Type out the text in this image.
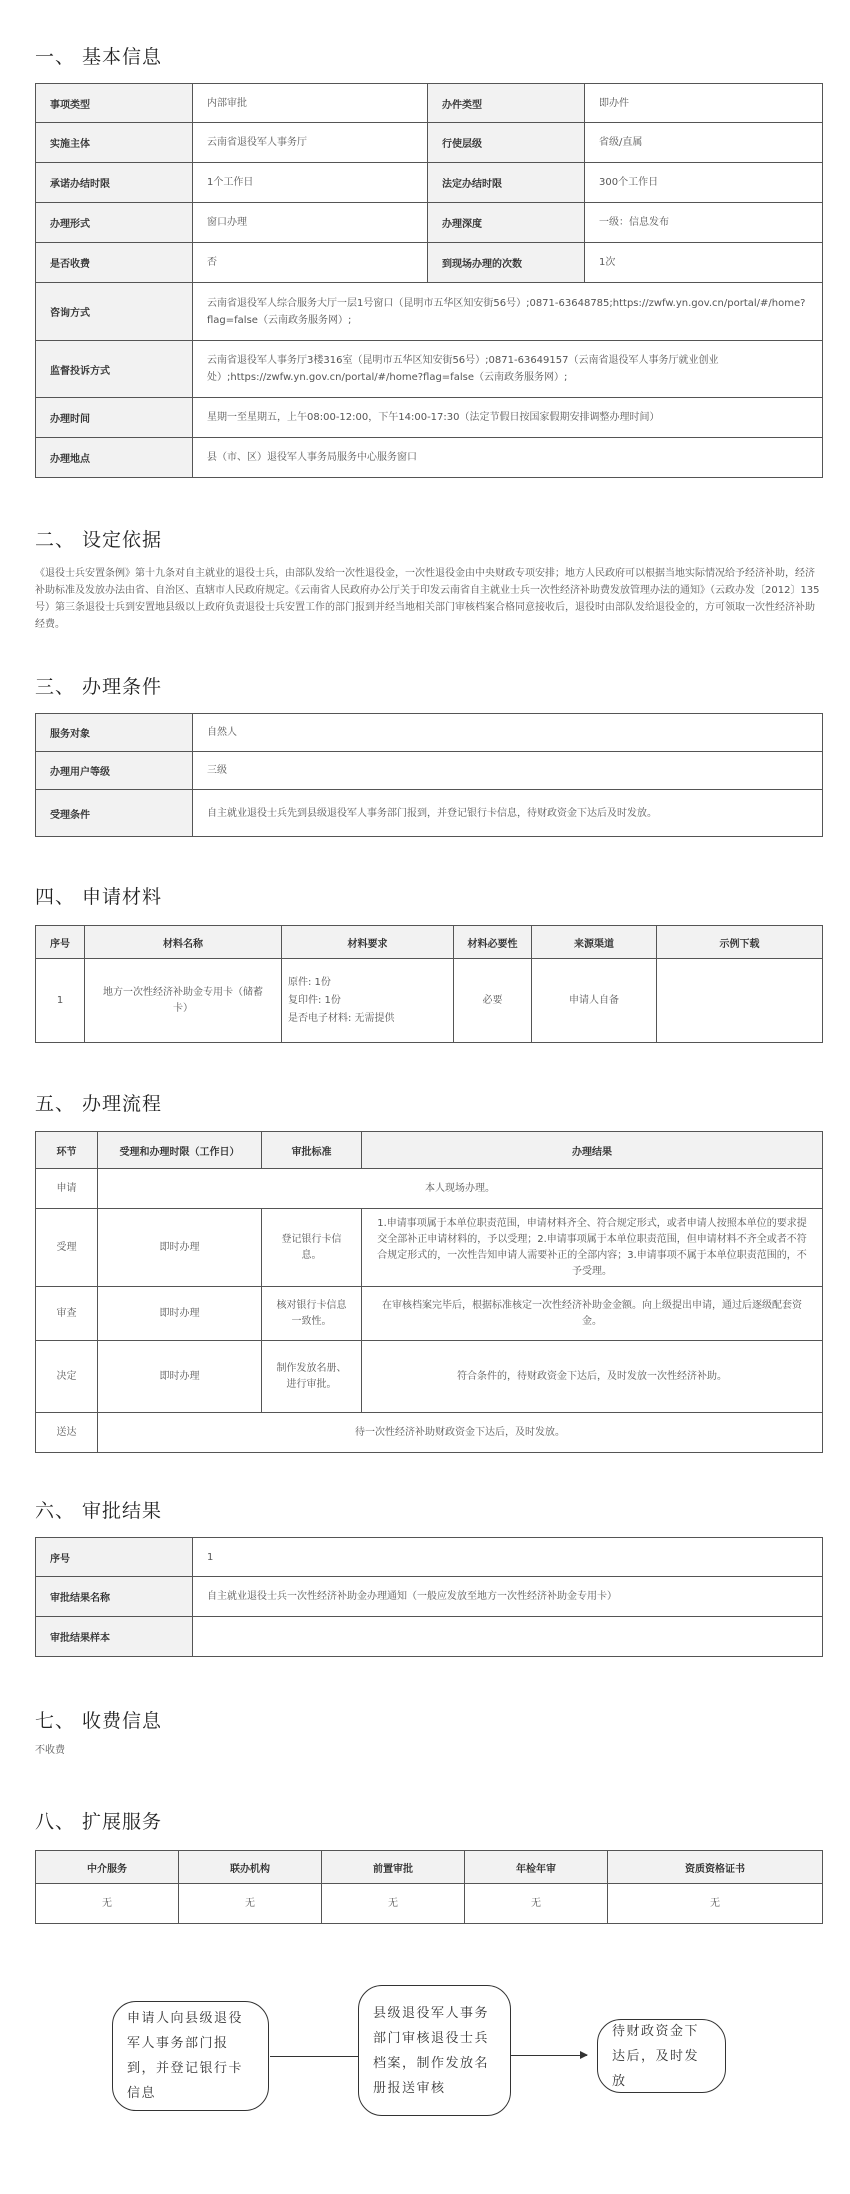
一、 基本信息
事项类型	内部审批	办件类型	即办件
实施主体	云南省退役军人事务厅	行使层级	省级/直属
承诺办结时限	1个工作日	法定办结时限	300个工作日
办理形式	窗口办理	办理深度	一级：信息发布
是否收费	否	到现场办理的次数	1次
咨询方式	云南省退役军人综合服务大厅一层1号窗口（昆明市五华区知安街56号）;0871-63648785;https://zwfw.yn.gov.cn/portal/#/home?flag=false（云南政务服务网）;		
监督投诉方式	云南省退役军人事务厅3楼316室（昆明市五华区知安街56号）;0871-63649157（云南省退役军人事务厅就业创业处）;https://zwfw.yn.gov.cn/portal/#/home?flag=false（云南政务服务网）;		
办理时间	星期一至星期五，上午08:00-12:00，下午14:00-17:30（法定节假日按国家假期安排调整办理时间）		
办理地点	县（市、区）退役军人事务局服务中心服务窗口		
二、 设定依据

《退役士兵安置条例》第十九条对自主就业的退役士兵，由部队发给一次性退役金，一次性退役金由中央财政专项安排；地方人民政府可以根据当地实际情况给予经济补助，经济补助标准及发放办法由省、自治区、直辖市人民政府规定。《云南省人民政府办公厅关于印发云南省自主就业士兵一次性经济补助费发放管理办法的通知》（云政办发〔2012〕135号）第三条退役士兵到安置地县级以上政府负责退役士兵安置工作的部门报到并经当地相关部门审核档案合格同意接收后，退役时由部队发给退役金的，方可领取一次性经济补助经费。

三、 办理条件
服务对象	自然人
办理用户等级	三级
受理条件	自主就业退役士兵先到县级退役军人事务部门报到，并登记银行卡信息，待财政资金下达后及时发放。
四、 申请材料
序号	材料名称	材料要求	材料必要性	来源渠道	示例下载
1	地方一次性经济补助金专用卡（储蓄卡）	原件: 1份
复印件: 1份
是否电子材料: 无需提供	必要	申请人自备	
五、 办理流程
环节	受理和办理时限（工作日）	审批标准	办理结果
申请	本人现场办理。		
受理	即时办理	登记银行卡信息。	1.申请事项属于本单位职责范围，申请材料齐全、符合规定形式，或者申请人按照本单位的要求提交全部补正申请材料的，予以受理；2.申请事项属于本单位职责范围，但申请材料不齐全或者不符合规定形式的，一次性告知申请人需要补正的全部内容；3.申请事项不属于本单位职责范围的，不予受理。
审查	即时办理	核对银行卡信息一致性。	在审核档案完毕后，根据标准核定一次性经济补助金金额。向上级提出申请，通过后逐级配套资金。
决定	即时办理	制作发放名册、进行审批。	符合条件的，待财政资金下达后，及时发放一次性经济补助。
送达	待一次性经济补助财政资金下达后，及时发放。		
六、 审批结果
序号	1
审批结果名称	自主就业退役士兵一次性经济补助金办理通知（一般应发放至地方一次性经济补助金专用卡）
审批结果样本	
七、 收费信息

不收费

八、 扩展服务
中介服务	联办机构	前置审批	年检年审	资质资格证书
无	无	无	无	无
申请人向县级退役军人事务部门报到，并登记银行卡信息
县级退役军人事务部门审核退役士兵档案，制作发放名册报送审核
待财政资金下达后，及时发放
